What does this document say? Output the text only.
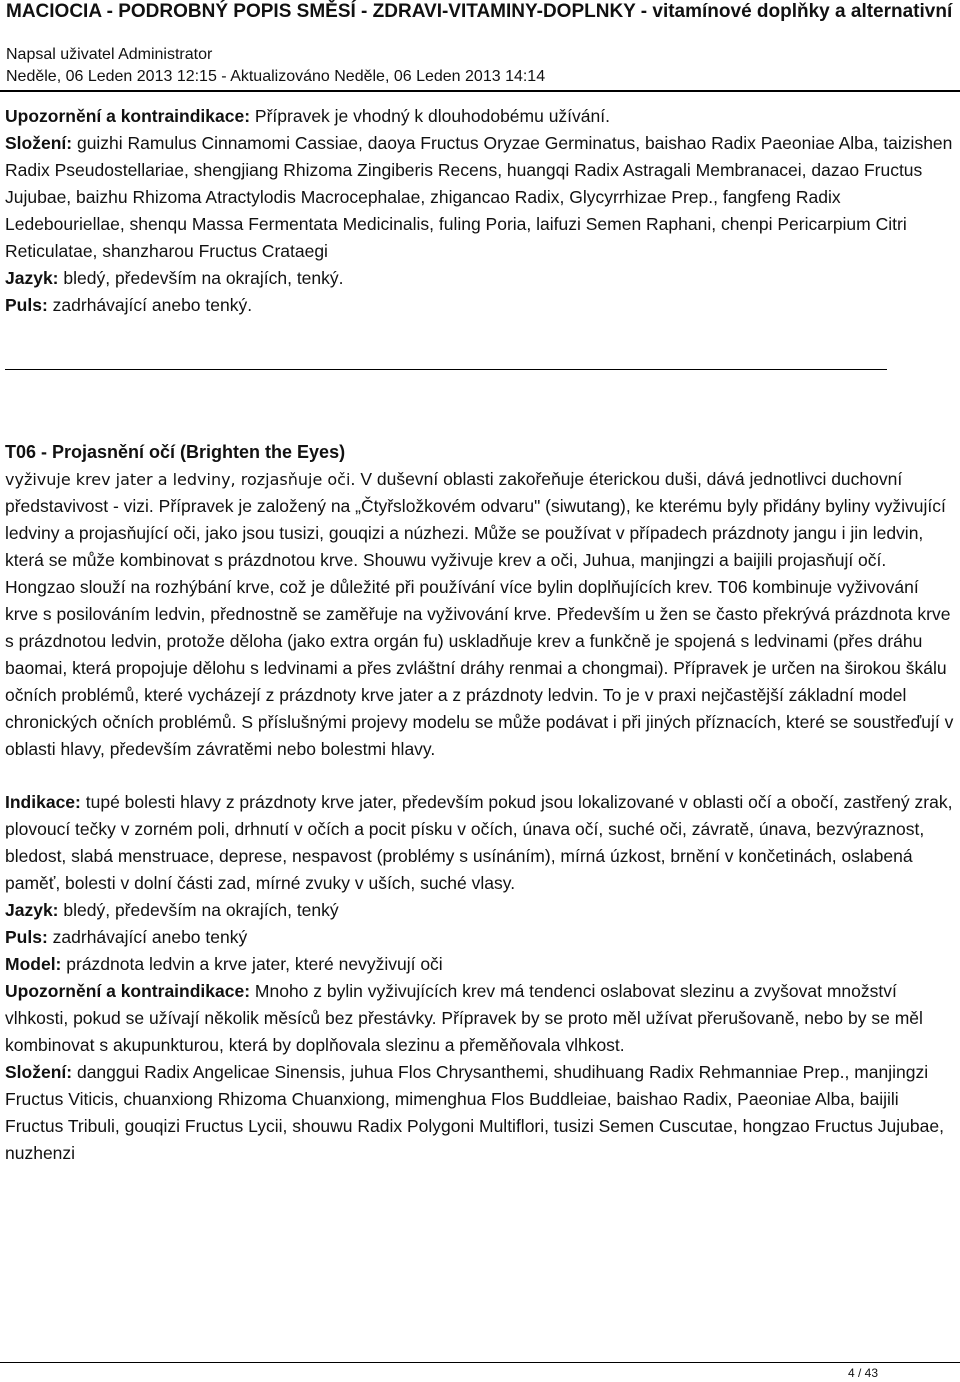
MACIOCIA - PODROBNÝ POPIS SMĚSÍ - ZDRAVI-VITAMINY-DOPLNKY - vitamínové doplňky a alternativní

Napsal uživatel Administrator

Neděle, 06 Leden 2013 12:15 - Aktualizováno Neděle, 06 Leden 2013 14:14

Upozornění a kontraindikace: Přípravek je vhodný k dlouhodobému užívání.

Složení: guizhi Ramulus Cinnamomi Cassiae, daoya Fructus Oryzae Germinatus, baishao Radix Paeoniae Alba, taizishen Radix Pseudostellariae, shengjiang Rhizoma Zingiberis Recens, huangqi Radix Astragali Membranacei, dazao Fructus Jujubae, baizhu Rhizoma Atractylodis Macrocephalae, zhigancao Radix, Glycyrrhizae Prep., fangfeng Radix Ledebouriellae, shenqu Massa Fermentata Medicinalis, fuling Poria, laifuzi Semen Raphani, chenpi Pericarpium Citri Reticulatae, shanzharou Fructus Crataegi

Jazyk: bledý, především na okrajích, tenký.

Puls: zadrhávající anebo tenký.

T06 - Projasnění očí (Brighten the Eyes)

vyživuje krev jater a ledviny, rozjasňuje oči. V duševní oblasti zakořeňuje éterickou duši, dává jednotlivci duchovní představivost - vizi. Přípravek je založený na „Čtyřsložkovém odvaru" (siwutang), ke kterému byly přidány byliny vyživující ledviny a projasňující oči, jako jsou tusizi, gouqizi a núzhezi. Může se používat v případech prázdnoty jangu i jin ledvin, která se může kombinovat s prázdnotou krve. Shouwu vyživuje krev a oči, Juhua, manjingzi a baijili projasňují očí. Hongzao slouží na rozhýbání krve, což je důležité při používání více bylin doplňujících krev. T06 kombinuje vyživování krve s posilováním ledvin, přednostně se zaměřuje na vyživování krve. Především u žen se často překrývá prázdnota krve s prázdnotou ledvin, protože děloha (jako extra orgán fu) uskladňuje krev a funkčně je spojená s ledvinami (přes dráhu baomai, která propojuje dělohu s ledvinami a přes zvláštní dráhy renmai a chongmai). Přípravek je určen na širokou škálu očních problémů, které vycházejí z prázdnoty krve jater a z prázdnoty ledvin. To je v praxi nejčastější základní model chronických očních problémů. S příslušnými projevy modelu se může podávat i při jiných příznacích, které se soustřeďují v oblasti hlavy, především závratěmi nebo bolestmi hlavy.

Indikace: tupé bolesti hlavy z prázdnoty krve jater, především pokud jsou lokalizované v oblasti očí a obočí, zastřený zrak, plovoucí tečky v zorném poli, drhnutí v očích a pocit písku v očích, únava očí, suché oči, závratě, únava, bezvýraznost, bledost, slabá menstruace, deprese, nespavost (problémy s usínáním), mírná úzkost, brnění v končetinách, oslabená paměť, bolesti v dolní části zad, mírné zvuky v uších, suché vlasy.

Jazyk: bledý, především na okrajích, tenký

Puls: zadrhávající anebo tenký

Model: prázdnota ledvin a krve jater, které nevyživují oči

Upozornění a kontraindikace: Mnoho z bylin vyživujících krev má tendenci oslabovat slezinu a zvyšovat množství vlhkosti, pokud se užívají několik měsíců bez přestávky. Přípravek by se proto měl užívat přerušovaně, nebo by se měl kombinovat s akupunkturou, která by doplňovala slezinu a přeměňovala vlhkost.

Složení: danggui Radix Angelicae Sinensis, juhua Flos Chrysanthemi, shudihuang Radix Rehmanniae Prep., manjingzi Fructus Viticis, chuanxiong Rhizoma Chuanxiong, mimenghua Flos Buddleiae, baishao Radix, Paeoniae Alba, baijili Fructus Tribuli, gouqizi Fructus Lycii, shouwu Radix Polygoni Multiflori, tusizi Semen Cuscutae, hongzao Fructus Jujubae, nuzhenzi

4 / 43
